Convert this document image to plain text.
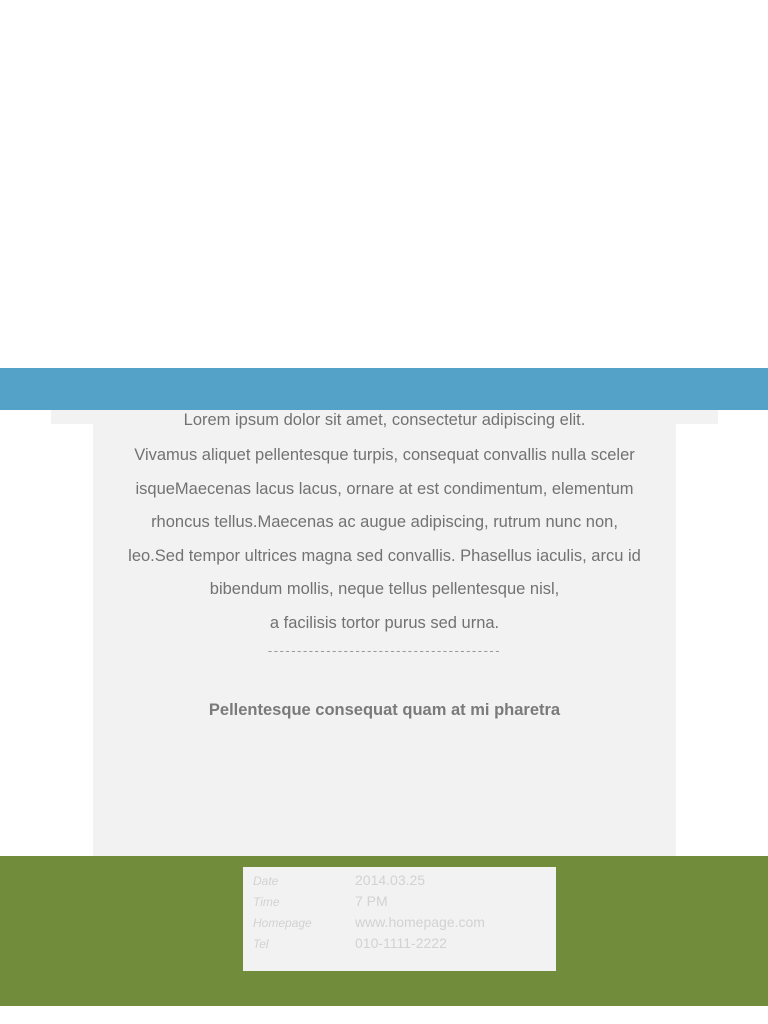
Lorem ipsum dolor sit amet, consectetur adipiscing elit.

Vivamus aliquet pellentesque turpis, consequat convallis nulla sceler
isqueMaecenas lacus lacus, ornare at est condimentum, elementum
rhoncus tellus.Maecenas ac augue adipiscing, rutrum nunc non,
leo.Sed tempor ultrices magna sed convallis. Phasellus iaculis, arcu id
bibendum mollis, neque tellus pellentesque nisl,
a facilisis tortor purus sed urna.

----------------------------------------
Pellentesque consequat quam at mi pharetra
Date	2014.03.25
Time	7 PM
Homepage	www.homepage.com
Tel	010-1111-2222
